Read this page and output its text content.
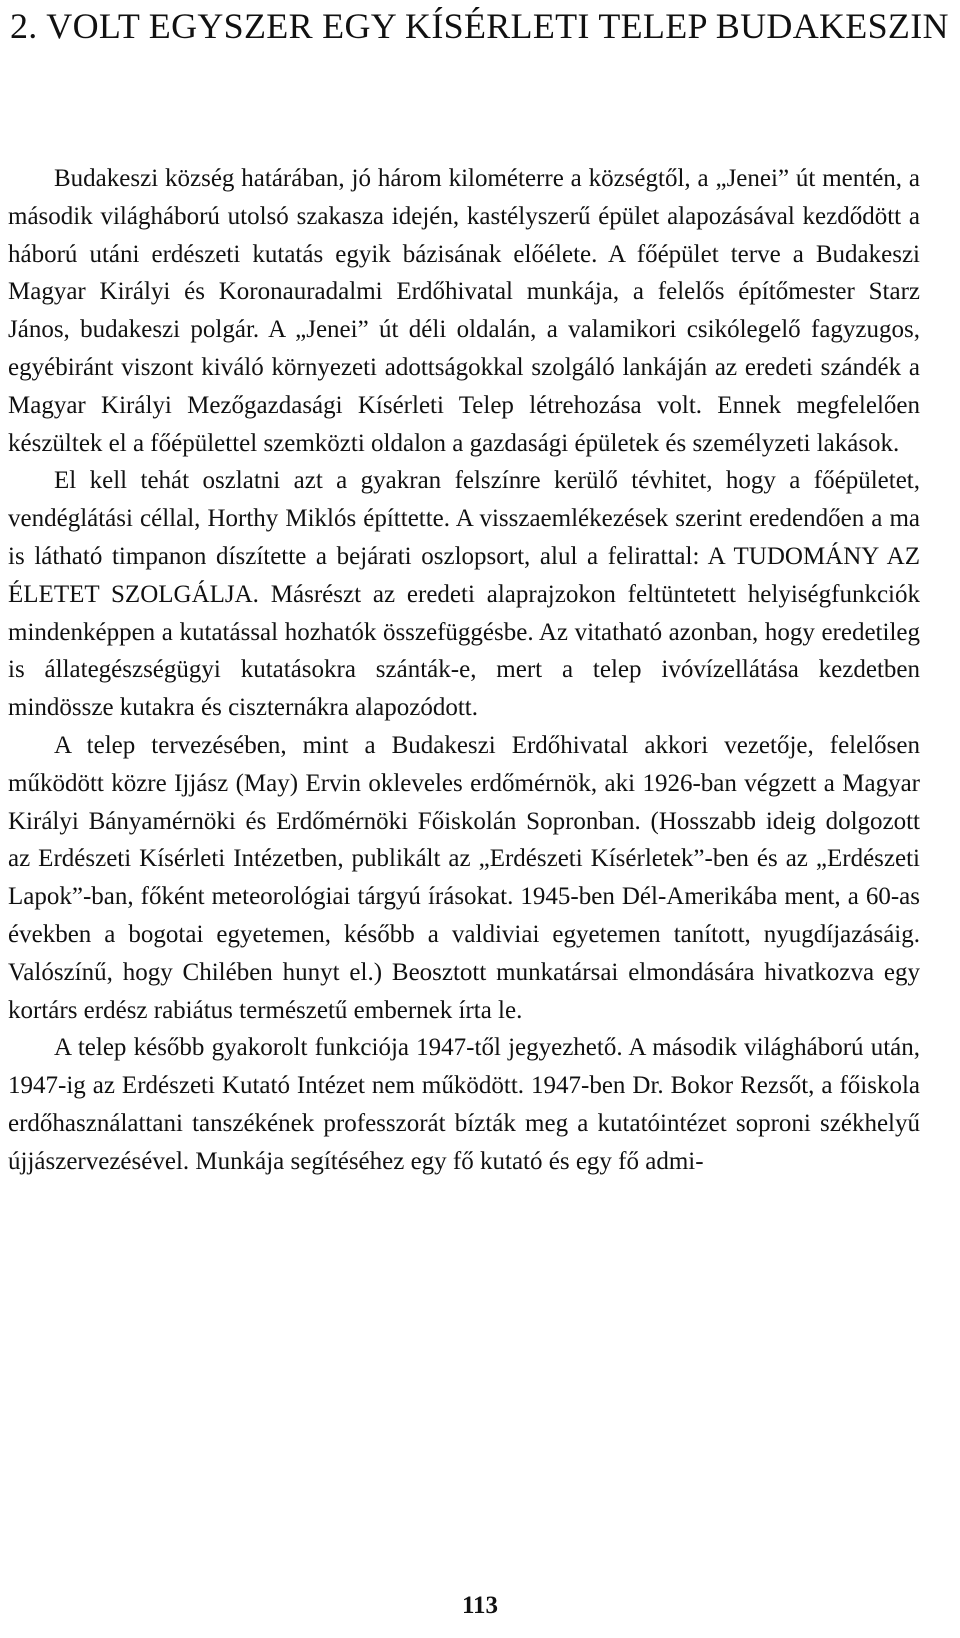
2. VOLT EGYSZER EGY KÍSÉRLETI TELEP BUDAKESZIN

Budakeszi község határában, jó három kilométerre a községtől, a „Jenei” út mentén, a második világháború utolsó szakasza idején, kastélyszerű épület alapozásával kezdődött a háború utáni erdészeti kutatás egyik bázisának előélete. A főépület terve a Budakeszi Magyar Királyi és Koronauradalmi Erdőhivatal munkája, a felelős építőmester Starz János, budakeszi polgár. A „Jenei” út déli oldalán, a valamikori csikólegelő fagyzugos, egyébiránt viszont kiváló környezeti adottságokkal szolgáló lankáján az eredeti szándék a Magyar Királyi Mezőgazdasági Kísérleti Telep létrehozása volt. Ennek megfelelően készültek el a főépülettel szemközti oldalon a gazdasági épületek és személyzeti lakások.

El kell tehát oszlatni azt a gyakran felszínre kerülő tévhitet, hogy a főépületet, vendéglátási céllal, Horthy Miklós építtette. A visszaemlékezések szerint eredendően a ma is látható timpanon díszítette a bejárati oszlopsort, alul a felirattal: A TUDOMÁNY AZ ÉLETET SZOLGÁLJA. Másrészt az eredeti alaprajzokon feltüntetett helyiségfunkciók mindenképpen a kutatással hozhatók összefüggésbe. Az vitatható azonban, hogy eredetileg is állategészségügyi kutatásokra szánták-e, mert a telep ivóvízellátása kezdetben mindössze kutakra és ciszternákra alapozódott.

A telep tervezésében, mint a Budakeszi Erdőhivatal akkori vezetője, felelősen működött közre Ijjász (May) Ervin okleveles erdőmérnök, aki 1926-ban végzett a Magyar Királyi Bányamérnöki és Erdőmérnöki Főiskolán Sopronban. (Hosszabb ideig dolgozott az Erdészeti Kísérleti Intézetben, publikált az „Erdészeti Kísérletek”-ben és az „Erdészeti Lapok”-ban, főként meteorológiai tárgyú írásokat. 1945-ben Dél-Amerikába ment, a 60-as években a bogotai egyetemen, később a valdiviai egyetemen tanított, nyugdíjazásáig. Valószínű, hogy Chilében hunyt el.) Beosztott munkatársai elmondására hivatkozva egy kortárs erdész rabiátus természetű embernek írta le.

A telep később gyakorolt funkciója 1947-től jegyezhető. A második világháború után, 1947-ig az Erdészeti Kutató Intézet nem működött. 1947-ben Dr. Bokor Rezsőt, a főiskola erdőhasználattani tanszékének professzorát bízták meg a kutatóintézet soproni székhelyű újjászervezésével. Munkája segítéséhez egy fő kutató és egy fő admi-

113
